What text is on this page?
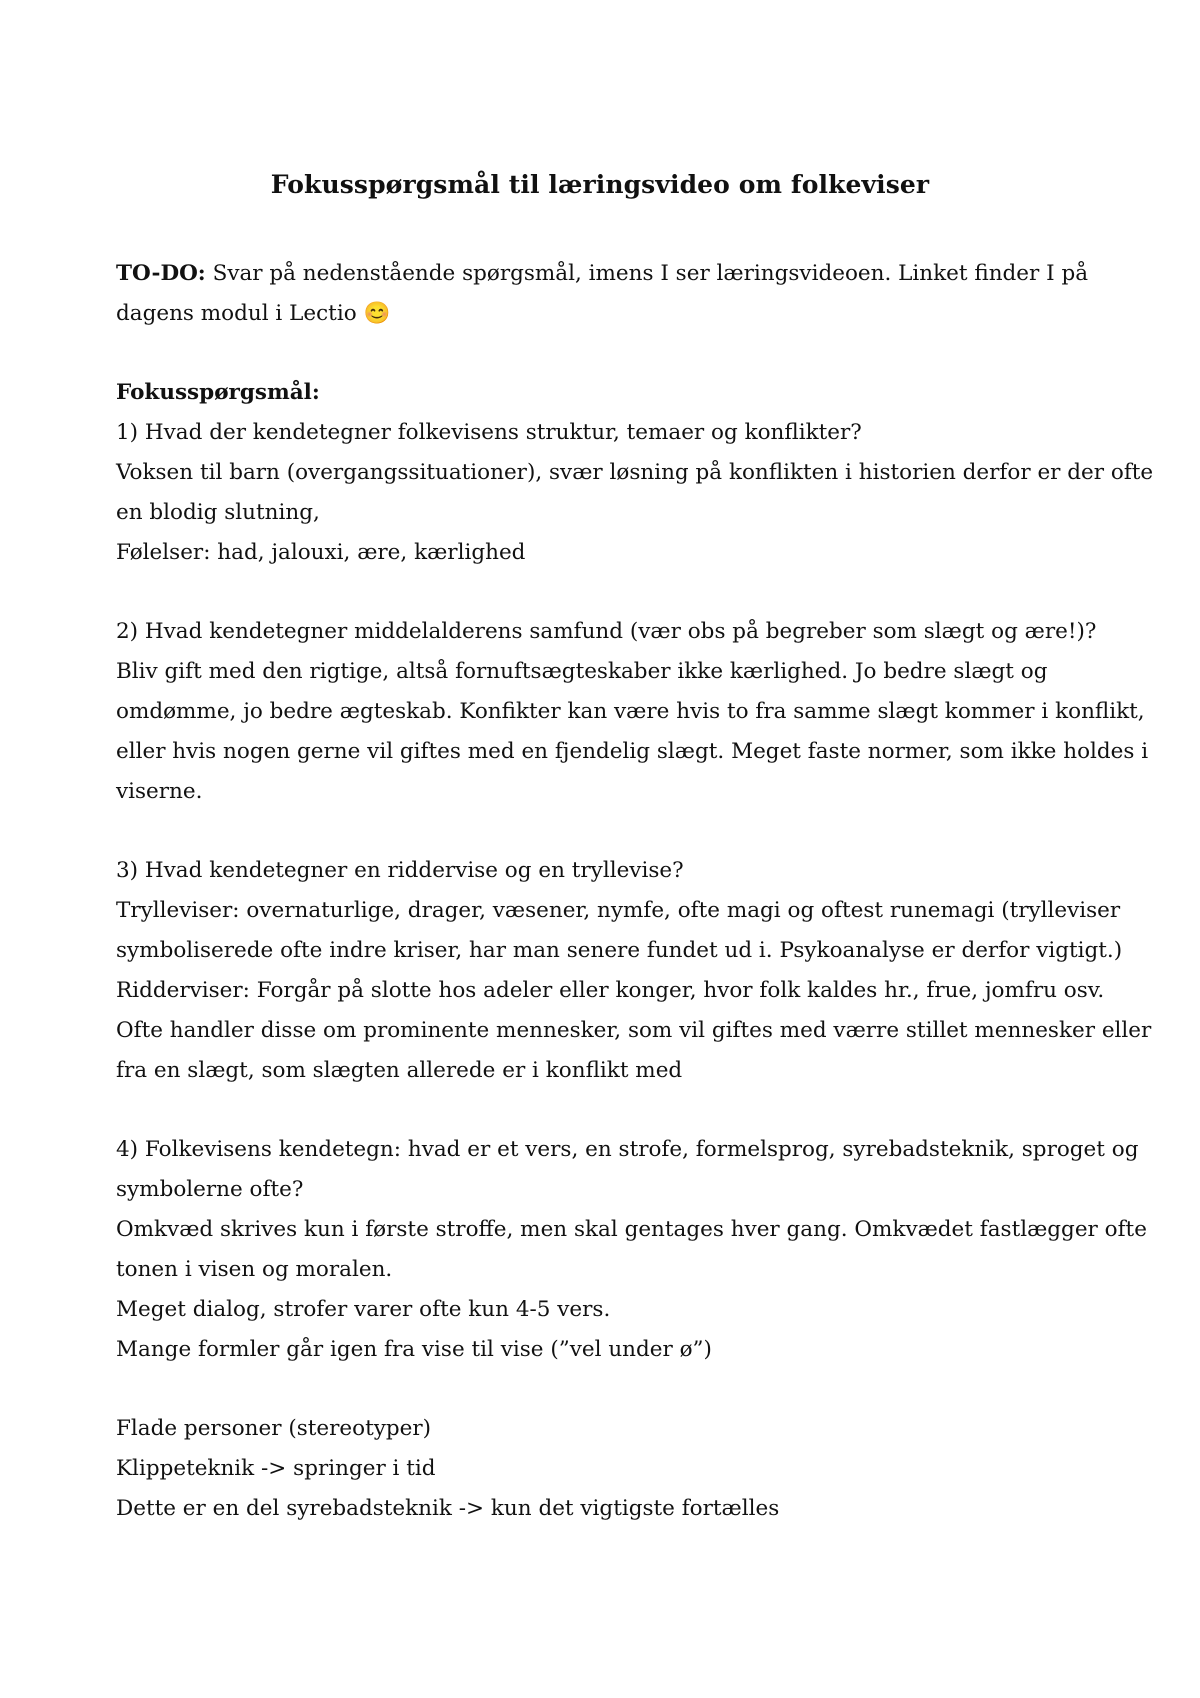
Fokusspørgsmål til læringsvideo om folkeviser
TO-DO: Svar på nedenstående spørgsmål, imens I ser læringsvideoen. Linket finder I på
dagens modul i Lectio 😊
Fokusspørgsmål:
1) Hvad der kendetegner folkevisens struktur, temaer og konflikter?
Voksen til barn (overgangssituationer), svær løsning på konflikten i historien derfor er der ofte
en blodig slutning,
Følelser: had, jalouxi, ære, kærlighed
2) Hvad kendetegner middelalderens samfund (vær obs på begreber som slægt og ære!)?
Bliv gift med den rigtige, altså fornuftsægteskaber ikke kærlighed. Jo bedre slægt og
omdømme, jo bedre ægteskab. Konfikter kan være hvis to fra samme slægt kommer i konflikt,
eller hvis nogen gerne vil giftes med en fjendelig slægt. Meget faste normer, som ikke holdes i
viserne.
3) Hvad kendetegner en riddervise og en tryllevise?
Trylleviser: overnaturlige, drager, væsener, nymfe, ofte magi og oftest runemagi (trylleviser
symboliserede ofte indre kriser, har man senere fundet ud i. Psykoanalyse er derfor vigtigt.)
Ridderviser: Forgår på slotte hos adeler eller konger, hvor folk kaldes hr., frue, jomfru osv.
Ofte handler disse om prominente mennesker, som vil giftes med værre stillet mennesker eller
fra en slægt, som slægten allerede er i konflikt med
4) Folkevisens kendetegn: hvad er et vers, en strofe, formelsprog, syrebadsteknik, sproget og
symbolerne ofte?
Omkvæd skrives kun i første stroffe, men skal gentages hver gang. Omkvædet fastlægger ofte
tonen i visen og moralen.
Meget dialog, strofer varer ofte kun 4-5 vers.
Mange formler går igen fra vise til vise (”vel under ø”)
Flade personer (stereotyper)
Klippeteknik -> springer i tid
Dette er en del syrebadsteknik -> kun det vigtigste fortælles
